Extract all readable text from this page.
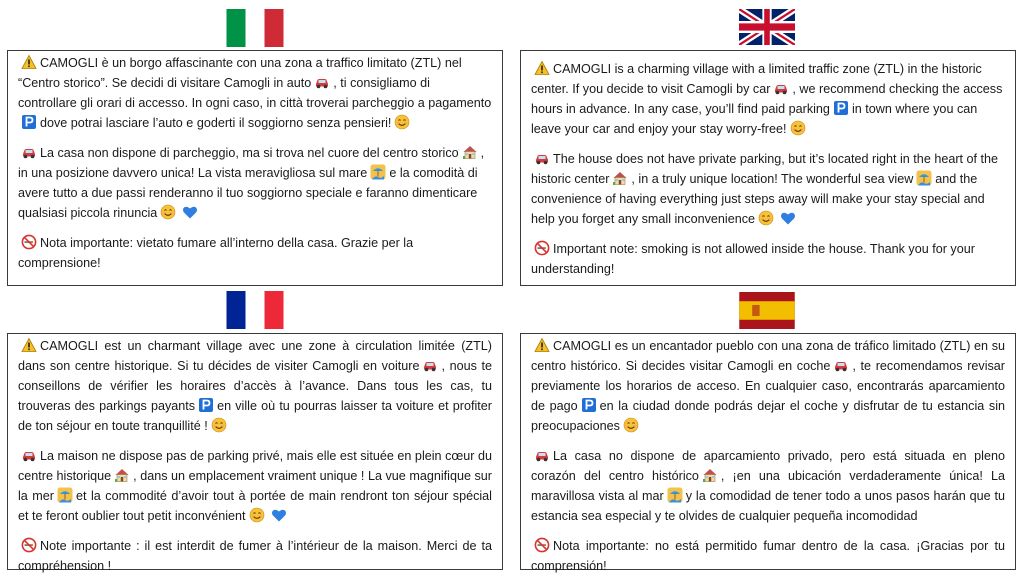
CAMOGLI è un borgo affascinante con una zona a traffico limitato (ZTL) nel “Centro storico”. Se decidi di visitare Camogli in auto , ti consigliamo di controllare gli orari di accesso. In ogni caso, in città troverai parcheggio a pagamento
dove potrai lasciare l’auto e goderti il soggiorno senza pensieri!

La casa non dispone di parcheggio, ma si trova nel cuore del centro storico , in una posizione davvero unica! La vista meravigliosa sul mare e la comodità di avere tutto a due passi renderanno il tuo soggiorno speciale e faranno dimenticare qualsiasi piccola rinuncia

Nota importante: vietato fumare all’interno della casa. Grazie per la comprensione!

CAMOGLI is a charming village with a limited traffic zone (ZTL) in the historic center. If you decide to visit Camogli by car , we recommend checking the access hours in advance. In any case, you’ll find paid parking in town where you can leave your car and enjoy your stay worry-free!

The house does not have private parking, but it’s located right in the heart of the historic center , in a truly unique location! The wonderful sea view and the convenience of having everything just steps away will make your stay special and help you forget any small inconvenience

Important note: smoking is not allowed inside the house. Thank you for your understanding!

CAMOGLI est un charmant village avec une zone à circulation limitée (ZTL) dans son centre historique. Si tu décides de visiter Camogli en voiture , nous te conseillons de vérifier les horaires d’accès à l’avance. Dans tous les cas, tu trouveras des parkings payants en ville où tu pourras laisser ta voiture et profiter de ton séjour en toute tranquillité !

La maison ne dispose pas de parking privé, mais elle est située en plein cœur du centre historique , dans un emplacement vraiment unique ! La vue magnifique sur la mer et la commodité d’avoir tout à portée de main rendront ton séjour spécial et te feront oublier tout petit inconvénient

Note importante : il est interdit de fumer à l’intérieur de la maison. Merci de ta compréhension !

CAMOGLI es un encantador pueblo con una zona de tráfico limitado (ZTL) en su centro histórico. Si decides visitar Camogli en coche , te recomendamos revisar previamente los horarios de acceso. En cualquier caso, encontrarás aparcamiento de pago en la ciudad donde podrás dejar el coche y disfrutar de tu estancia sin preocupaciones

La casa no dispone de aparcamiento privado, pero está situada en pleno corazón del centro histórico , ¡en una ubicación verdaderamente única! La maravillosa vista al mar y la comodidad de tener todo a unos pasos harán que tu estancia sea especial y te olvides de cualquier pequeña incomodidad

Nota importante: no está permitido fumar dentro de la casa. ¡Gracias por tu comprensión!
